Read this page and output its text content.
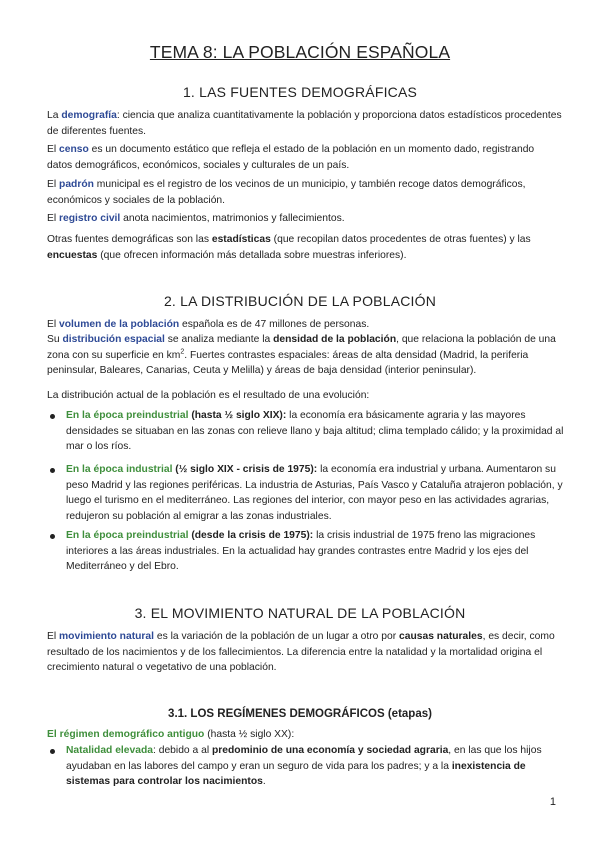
TEMA 8: LA POBLACIÓN ESPAÑOLA
1. LAS FUENTES DEMOGRÁFICAS

La demografía: ciencia que analiza cuantitativamente la población y proporciona datos estadísticos procedentes de diferentes fuentes.

El censo es un documento estático que refleja el estado de la población en un momento dado, registrando datos demográficos, económicos, sociales y culturales de un país.

El padrón municipal es el registro de los vecinos de un municipio, y también recoge datos demográficos, económicos y sociales de la población.

El registro civil anota nacimientos, matrimonios y fallecimientos.

Otras fuentes demográficas son las estadísticas (que recopilan datos procedentes de otras fuentes) y las encuestas (que ofrecen información más detallada sobre muestras inferiores).

2. LA DISTRIBUCIÓN DE LA POBLACIÓN

El volumen de la población española es de 47 millones de personas.

Su distribución espacial se analiza mediante la densidad de la población, que relaciona la población de una zona con su superficie en $km^2$. Fuertes contrastes espaciales: áreas de alta densidad (Madrid, la periferia peninsular, Baleares, Canarias, Ceuta y Melilla) y áreas de baja densidad (interior peninsular).

La distribución actual de la población es el resultado de una evolución:

En la época preindustrial (hasta ½ siglo XIX): la economía era básicamente agraria y las mayores densidades se situaban en las zonas con relieve llano y baja altitud; clima templado cálido; y la proximidad al mar o los ríos.

En la época industrial (½ siglo XIX - crisis de 1975): la economía era industrial y urbana. Aumentaron su peso Madrid y las regiones periféricas. La industria de Asturias, País Vasco y Cataluña atrajeron población, y luego el turismo en el mediterráneo. Las regiones del interior, con mayor peso en las actividades agrarias, redujeron su población al emigrar a las zonas industriales.

En la época preindustrial (desde la crisis de 1975): la crisis industrial de 1975 freno las migraciones interiores a las áreas industriales. En la actualidad hay grandes contrastes entre Madrid y los ejes del Mediterráneo y del Ebro.

3. EL MOVIMIENTO NATURAL DE LA POBLACIÓN

El movimiento natural es la variación de la población de un lugar a otro por causas naturales, es decir, como resultado de los nacimientos y de los fallecimientos. La diferencia entre la natalidad y la mortalidad origina el crecimiento natural o vegetativo de una población.

3.1. LOS REGÍMENES DEMOGRÁFICOS (etapas)

El régimen demográfico antiguo (hasta ½ siglo XX):

Natalidad elevada: debido a al predominio de una economía y sociedad agraria, en las que los hijos ayudaban en las labores del campo y eran un seguro de vida para los padres; y a la inexistencia de sistemas para controlar los nacimientos.

1
